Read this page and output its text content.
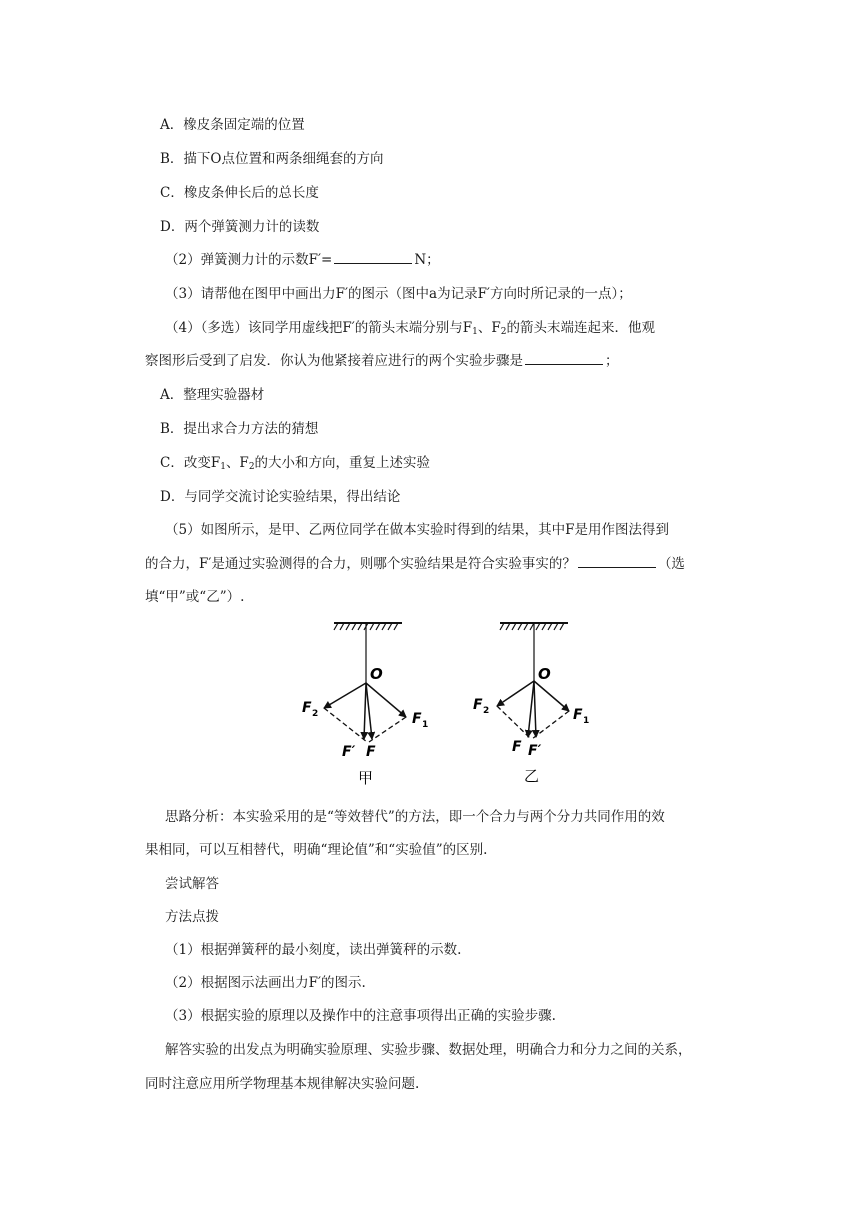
A．橡皮条固定端的位置
B．描下O点位置和两条细绳套的方向
C．橡皮条伸长后的总长度
D．两个弹簧测力计的读数
（2）弹簧测力计的示数F′=	N；
（3）请帮他在图甲中画出力F′的图示（图中a为记录F′方向时所记录的一点）；
（4）（多选）该同学用虚线把F′的箭头末端分别与$F_1$、$F_2$的箭头末端连起来．他观
察图形后受到了启发．你认为他紧接着应进行的两个实验步骤是	；
A．整理实验器材
B．提出求合力方法的猜想
C．改变$F_1$、$F_2$的大小和方向，重复上述实验
D．与同学交流讨论实验结果，得出结论
（5）如图所示，是甲、乙两位同学在做本实验时得到的结果，其中F是用作图法得到
的合力，F′是通过实验测得的合力，则哪个实验结果是符合实验事实的？	（选
填“甲”或“乙”）.
O
F 2	F 1
F′ F
甲
O
F 2	F 1
F F′
乙
思路分析：本实验采用的是“等效替代”的方法，即一个合力与两个分力共同作用的效
果相同，可以互相替代，明确“理论值”和“实验值”的区别.
尝试解答
方法点拨
（1）根据弹簧秤的最小刻度，读出弹簧秤的示数.
（2）根据图示法画出力F′的图示.
（3）根据实验的原理以及操作中的注意事项得出正确的实验步骤.
解答实验的出发点为明确实验原理、实验步骤、数据处理，明确合力和分力之间的关系，
同时注意应用所学物理基本规律解决实验问题.
